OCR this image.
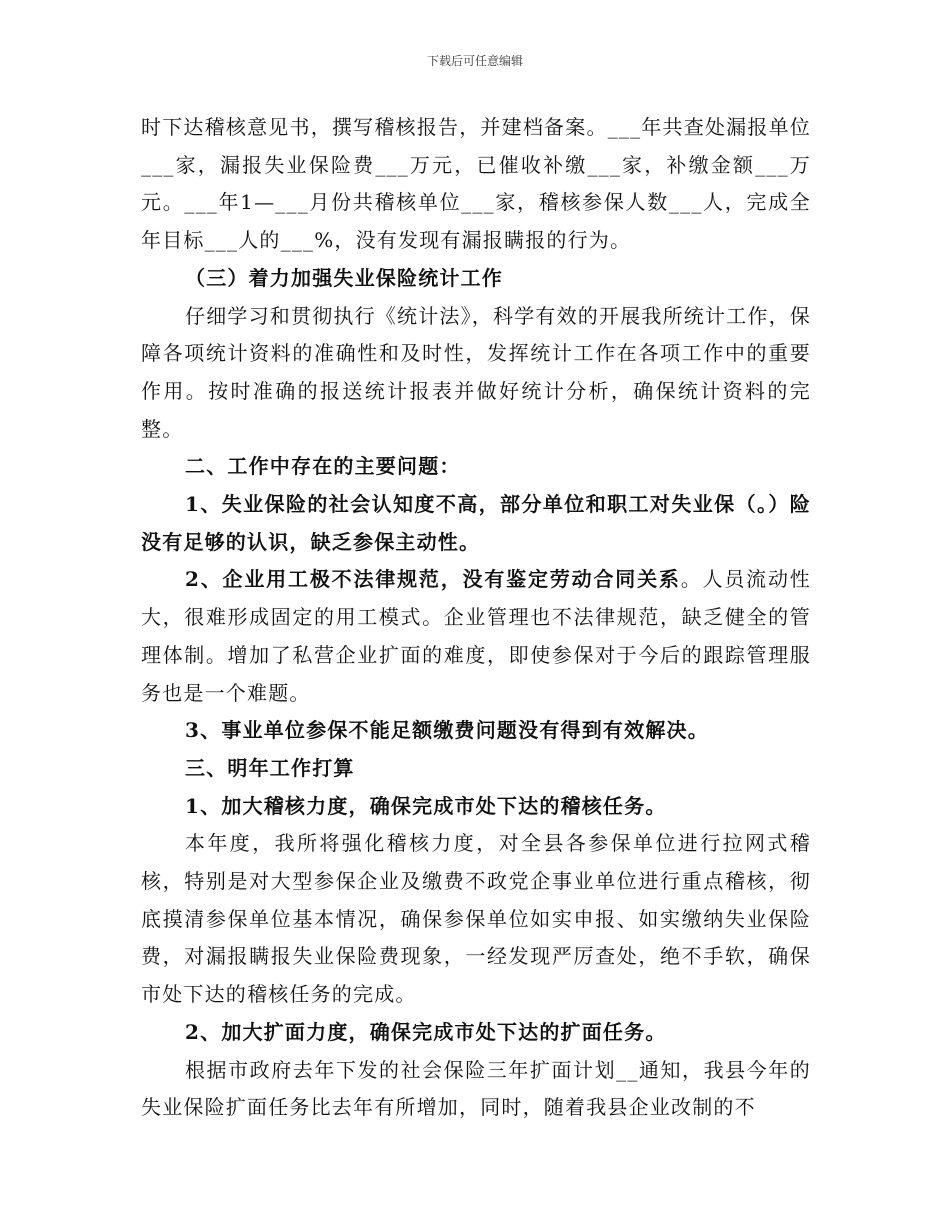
下载后可任意编辑

时下达稽核意见书，撰写稽核报告，并建档备案。___年共查处漏报单位___家，漏报失业保险费___万元，已催收补缴___家，补缴金额___万元。___年1—___月份共稽核单位___家，稽核参保人数___人，完成全年目标___人的___%，没有发现有漏报瞒报的行为。

（三）着力加强失业保险统计工作

仔细学习和贯彻执行《统计法》，科学有效的开展我所统计工作，保障各项统计资料的准确性和及时性，发挥统计工作在各项工作中的重要作用。按时准确的报送统计报表并做好统计分析，确保统计资料的完整。

二、工作中存在的主要问题：

1、失业保险的社会认知度不高，部分单位和职工对失业保（。）险没有足够的认识，缺乏参保主动性。

2、企业用工极不法律规范，没有鉴定劳动合同关系。人员流动性大，很难形成固定的用工模式。企业管理也不法律规范，缺乏健全的管理体制。增加了私营企业扩面的难度，即使参保对于今后的跟踪管理服务也是一个难题。

3、事业单位参保不能足额缴费问题没有得到有效解决。

三、明年工作打算

1、加大稽核力度，确保完成市处下达的稽核任务。

本年度，我所将强化稽核力度，对全县各参保单位进行拉网式稽核，特别是对大型参保企业及缴费不政党企事业单位进行重点稽核，彻底摸清参保单位基本情况，确保参保单位如实申报、如实缴纳失业保险费，对漏报瞒报失业保险费现象，一经发现严厉查处，绝不手软，确保市处下达的稽核任务的完成。

2、加大扩面力度，确保完成市处下达的扩面任务。

根据市政府去年下发的社会保险三年扩面计划__通知，我县今年的失业保险扩面任务比去年有所增加，同时，随着我县企业改制的不
